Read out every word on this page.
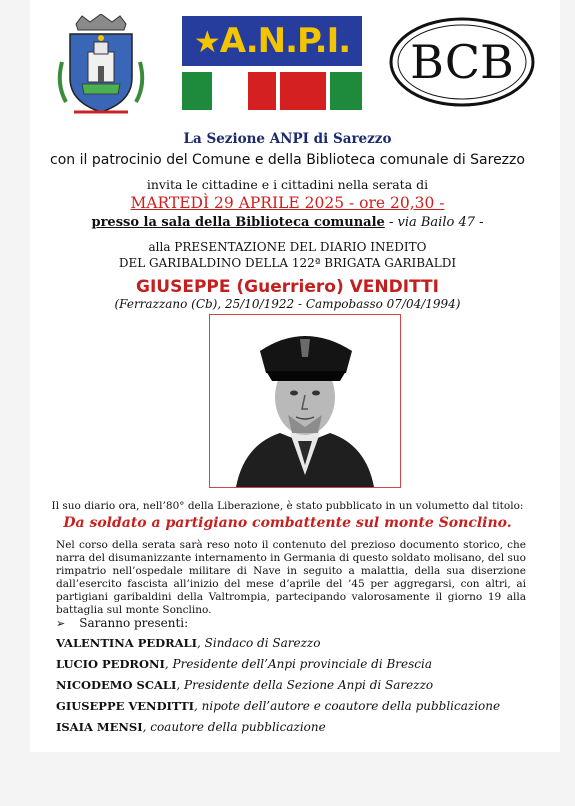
★A.N.P.I. BCB
La Sezione ANPI di Sarezzo
con il patrocinio del Comune e della Biblioteca comunale di Sarezzo
invita le cittadine e i cittadini nella serata di
MARTEDÌ 29 APRILE 2025 - ore 20,30 -
presso la sala della Biblioteca comunale - via Bailo 47 -
alla PRESENTAZIONE DEL DIARIO INEDITO
DEL GARIBALDINO DELLA 122ª BRIGATA GARIBALDI
GIUSEPPE (Guerriero) VENDITTI
(Ferrazzano (Cb), 25/10/1922 - Campobasso 07/04/1994)
Il suo diario ora, nell’80° della Liberazione, è stato pubblicato in un volumetto dal titolo:
Da soldato a partigiano combattente sul monte Sonclino.
Nel corso della serata sarà reso noto il contenuto del prezioso documento storico, che narra del disumanizzante internamento in Germania di questo soldato molisano, del suo rimpatrio nell’ospedale militare di Nave in seguito a malattia, della sua diserzione dall’esercito fascista all’inizio del mese d’aprile del ’45 per aggregarsi, con altri, ai partigiani garibaldini della Valtrompia, partecipando valorosamente il giorno 19 alla battaglia sul monte Sonclino.
➢ Saranno presenti:
VALENTINA PEDRALI, Sindaco di Sarezzo
LUCIO PEDRONI, Presidente dell’Anpi provinciale di Brescia
NICODEMO SCALI, Presidente della Sezione Anpi di Sarezzo
GIUSEPPE VENDITTI, nipote dell’autore e coautore della pubblicazione
ISAIA MENSI, coautore della pubblicazione
